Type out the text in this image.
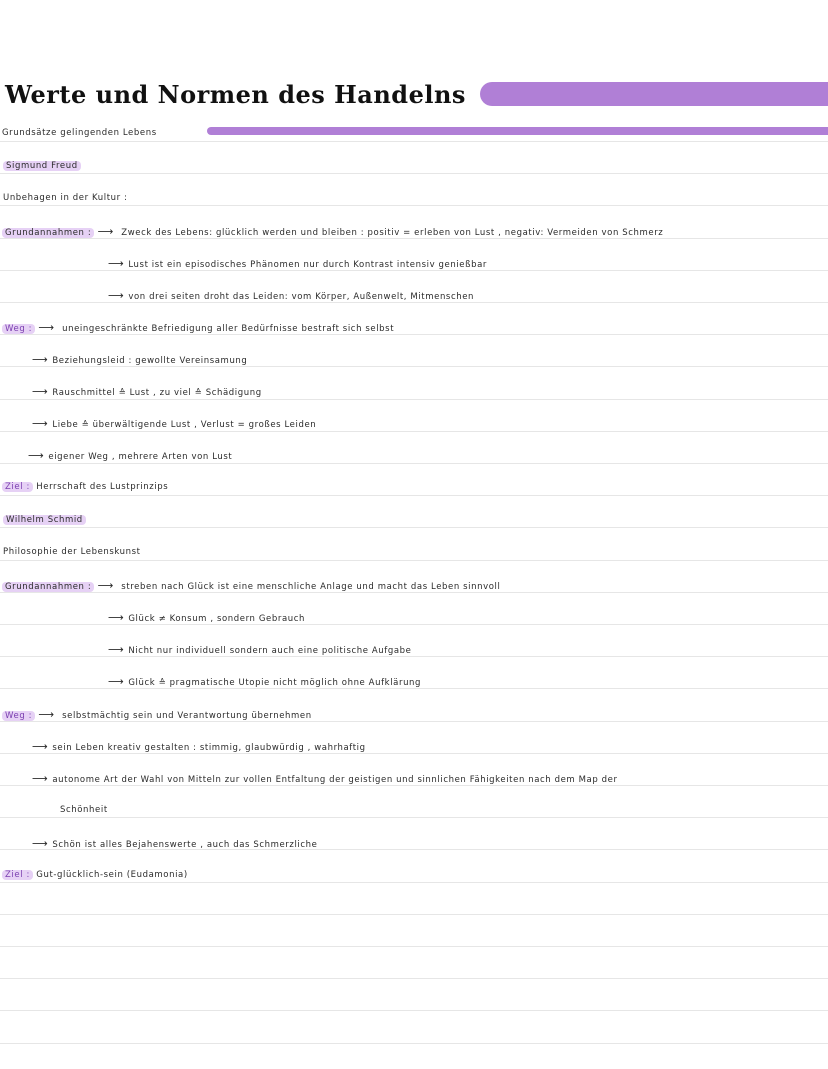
Werte und Normen des Handelns
Grundsätze gelingenden Lebens
Sigmund Freud
Unbehagen in der Kultur :
Grundannahmen : ⟶ Zweck des Lebens: glücklich werden und bleiben : positiv = erleben von Lust , negativ: Vermeiden von Schmerz
⟶ Lust ist ein episodisches Phänomen nur durch Kontrast intensiv genießbar
⟶ von drei seiten droht das Leiden: vom Körper, Außenwelt, Mitmenschen
Weg : ⟶ uneingeschränkte Befriedigung aller Bedürfnisse bestraft sich selbst
⟶ Beziehungsleid : gewollte Vereinsamung
⟶ Rauschmittel ≙ Lust , zu viel ≙ Schädigung
⟶ Liebe ≙ überwältigende Lust , Verlust = großes Leiden
⟶ eigener Weg , mehrere Arten von Lust
Ziel : Herrschaft des Lustprinzips
Wilhelm Schmid
Philosophie der Lebenskunst
Grundannahmen : ⟶ streben nach Glück ist eine menschliche Anlage und macht das Leben sinnvoll
⟶ Glück ≠ Konsum , sondern Gebrauch
⟶ Nicht nur individuell sondern auch eine politische Aufgabe
⟶ Glück ≙ pragmatische Utopie nicht möglich ohne Aufklärung
Weg : ⟶ selbstmächtig sein und Verantwortung übernehmen
⟶ sein Leben kreativ gestalten : stimmig, glaubwürdig , wahrhaftig
⟶ autonome Art der Wahl von Mitteln zur vollen Entfaltung der geistigen und sinnlichen Fähigkeiten nach dem Map der
Schönheit
⟶ Schön ist alles Bejahenswerte , auch das Schmerzliche
Ziel : Gut-glücklich-sein (Eudamonia)
